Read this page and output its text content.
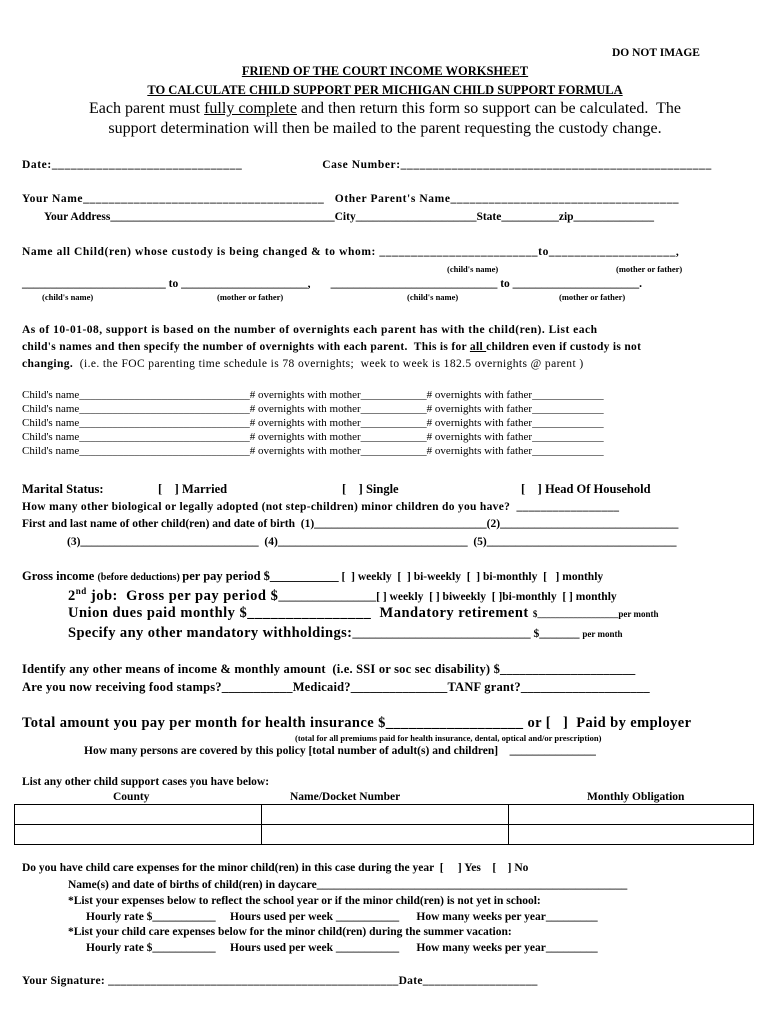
DO NOT IMAGE
FRIEND OF THE COURT INCOME WORKSHEET
TO CALCULATE CHILD SUPPORT PER MICHIGAN CHILD SUPPORT FORMULA
Each parent must fully complete and then return this form so support can be calculated.  The
support determination will then be mailed to the parent requesting the custody change.
Date:______________________________                       Case Number:_________________________________________________
Your Name______________________________________   Other Parent's Name____________________________________
Your Address_______________________________________City_____________________State__________zip______________
Name all Child(ren) whose custody is being changed & to whom: _________________________to____________________,
(child's name)	(mother or father)
_________________________ to ______________________,       _____________________________ to ______________________.
(child's name)	(mother or father)	(child's name)	(mother or father)
As of 10-01-08, support is based on the number of overnights each parent has with the child(ren). List each
child's names and then specify the number of overnights with each parent.  This is for all children even if custody is not
changing.  (i.e. the FOC parenting time schedule is 78 overnights;  week to week is 182.5 overnights @ parent )
Child's name_______________________________# overnights with mother____________# overnights with father_____________
Child's name_______________________________# overnights with mother____________# overnights with father_____________
Child's name_______________________________# overnights with mother____________# overnights with father_____________
Child's name_______________________________# overnights with mother____________# overnights with father_____________
Child's name_______________________________# overnights with mother____________# overnights with father_____________
Marital Status:	[    ] Married	[    ] Single	[    ] Head Of Household
How many other biological or legally adopted (not step-children) minor children do you have?  _________________
First and last name of other child(ren) and date of birth  (1)______________________________(2)_______________________________
(3)_______________________________  (4)_________________________________  (5)_________________________________
Gross income (before deductions) per pay period $___________ [  ] weekly  [  ] bi-weekly  [  ] bi-monthly  [   ] monthly
2nd job:  Gross per pay period $_________________[ ] weekly  [ ] biweekly  [ ]bi-monthly  [ ] monthly
Union dues paid monthly $________________  Mandatory retirement $__________________per month
Specify any other mandatory withholdings:_______________________________ $_______ per month
Identify any other means of income & monthly amount  (i.e. SSI or soc sec disability) $_____________________
Are you now receiving food stamps?___________Medicaid?_______________TANF grant?____________________
Total amount you pay per month for health insurance $__________________ or [   ]  Paid by employer
(total for all premiums paid for health insurance, dental, optical and/or prescription)
How many persons are covered by this policy [total number of adult(s) and children]    _______________
List any other child support cases you have below:
County	Name/Docket Number	Monthly Obligation

Do you have child care expenses for the minor child(ren) in this case during the year  [     ] Yes    [    ] No
Name(s) and date of births of child(ren) in daycare______________________________________________________
*List your expenses below to reflect the school year or if the minor child(ren) is not yet in school:
Hourly rate $___________     Hours used per week ___________      How many weeks per year_________
*List your child care expenses below for the minor child(ren) during the summer vacation:
Hourly rate $___________     Hours used per week ___________      How many weeks per year_________
Your Signature: ________________________________________________Date___________________
